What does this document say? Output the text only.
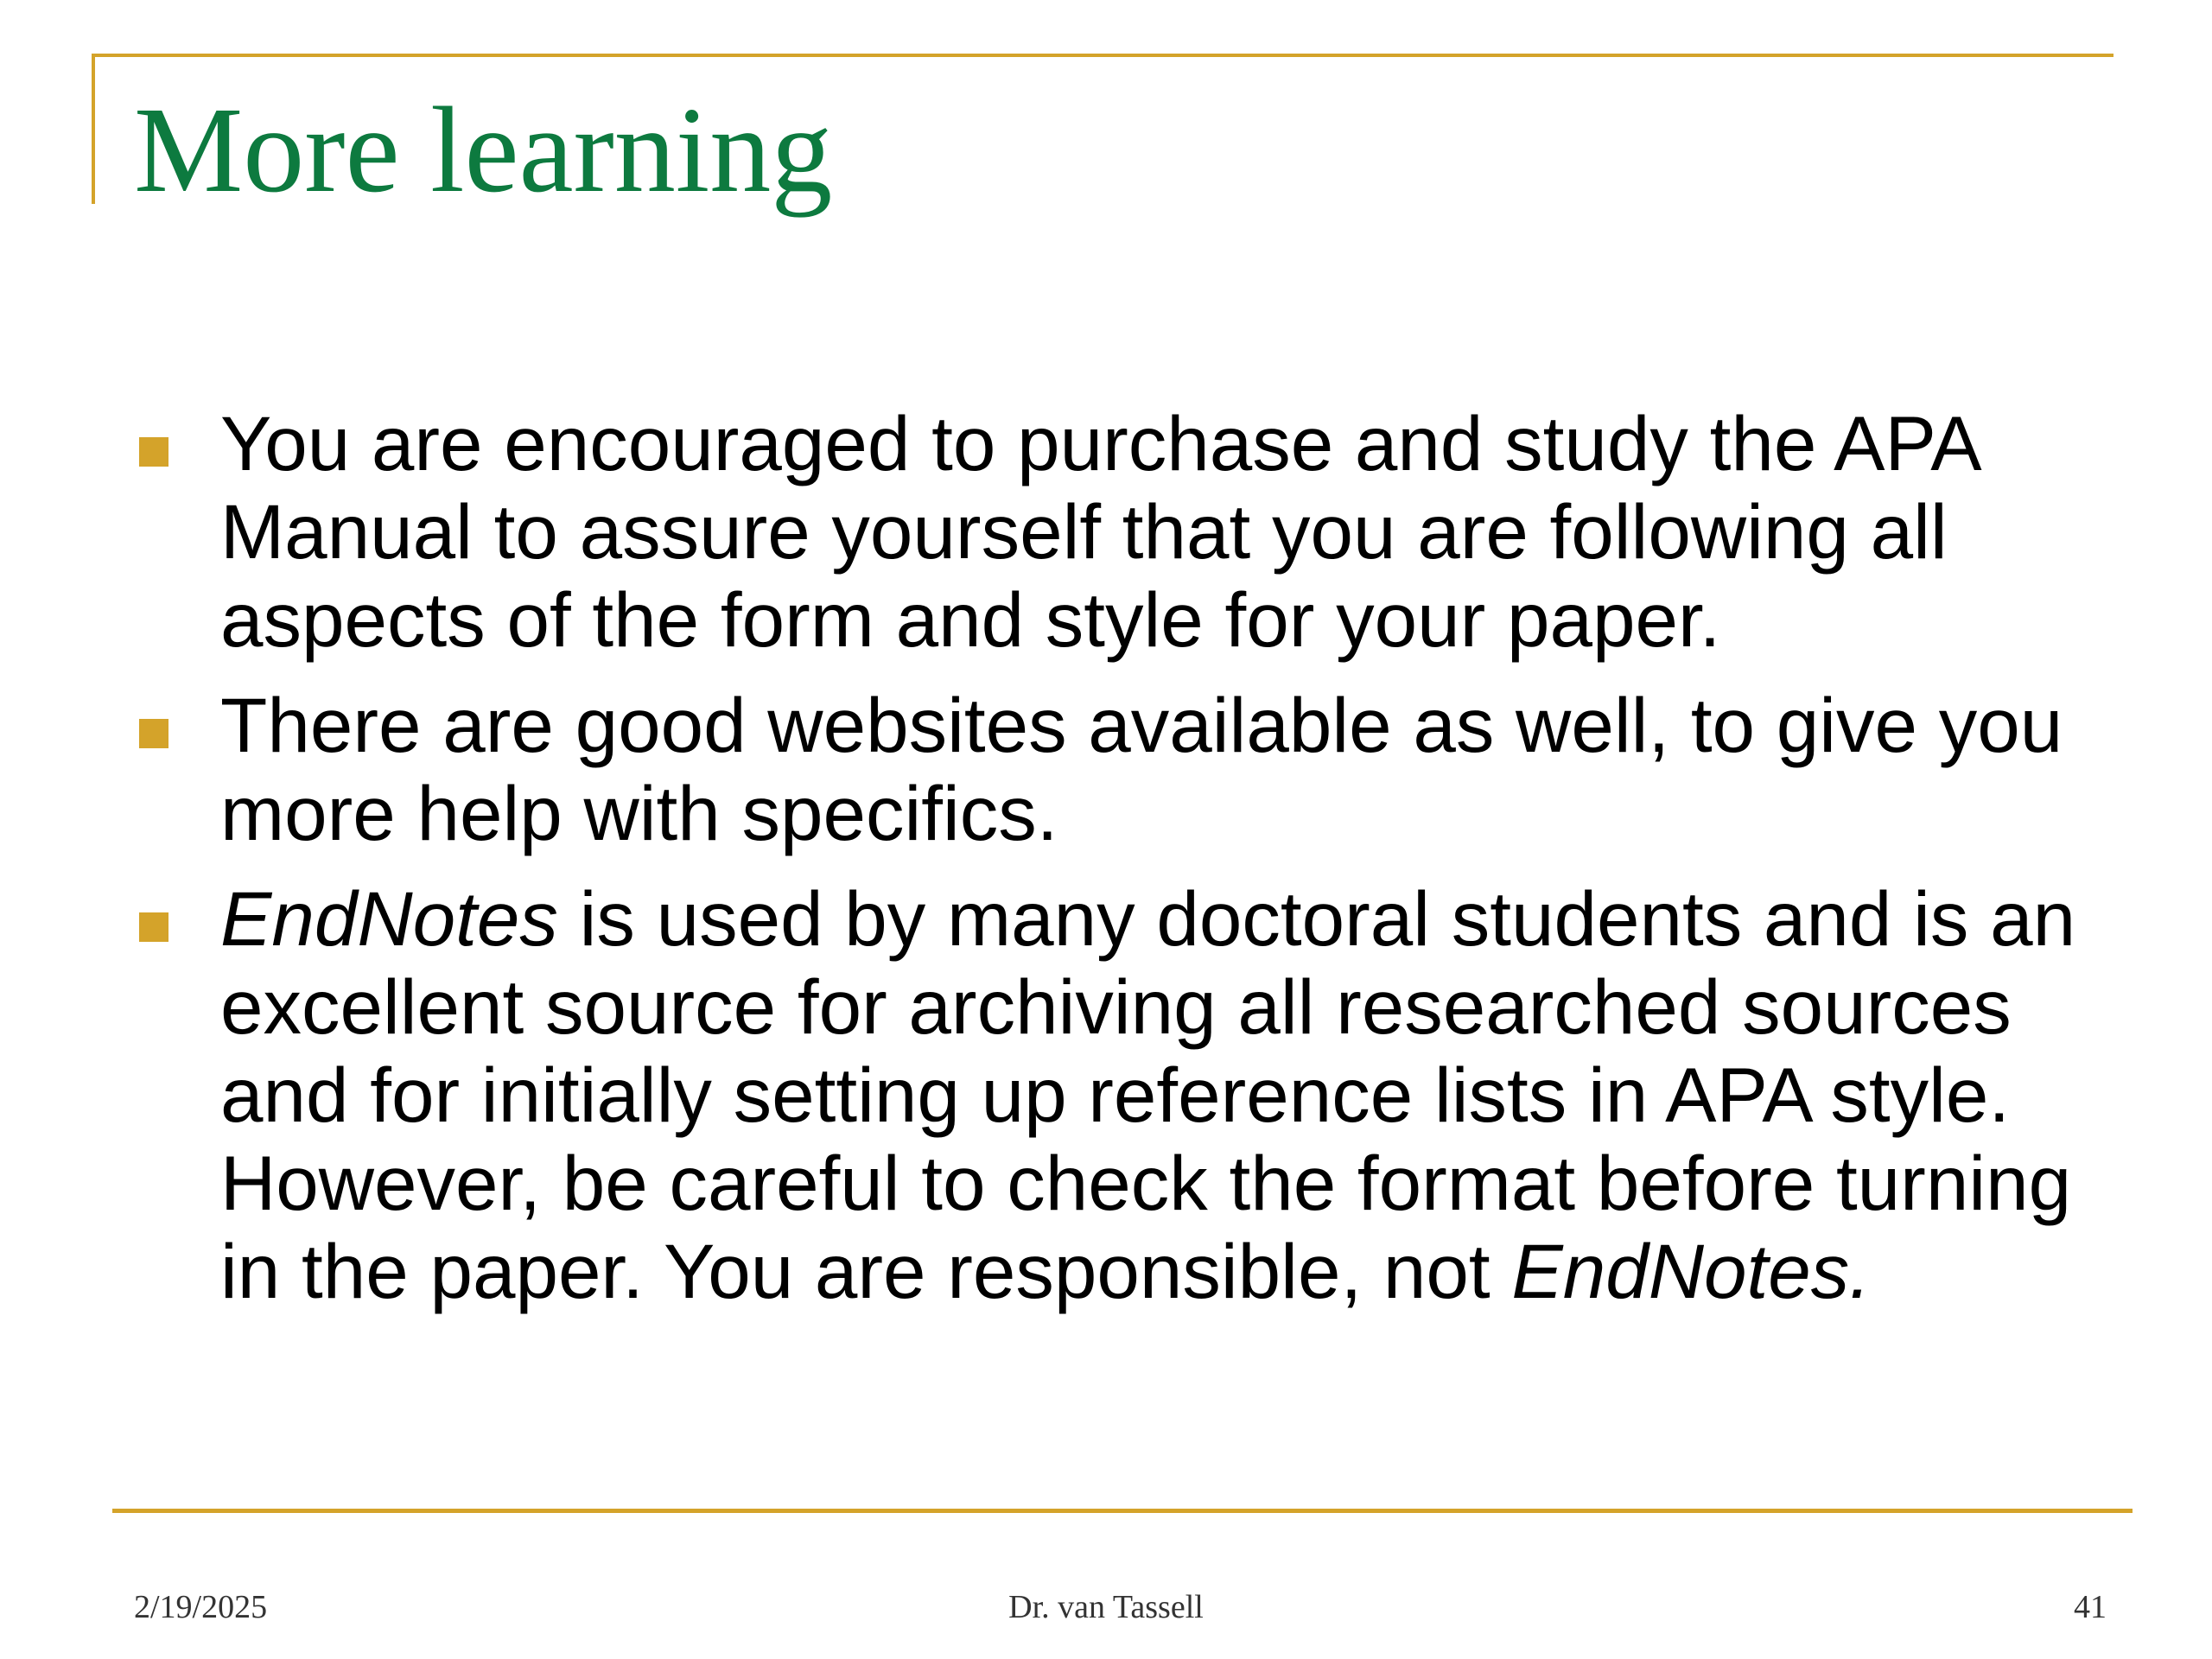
More learning
You are encouraged to purchase and study the APA Manual to assure yourself that you are following all aspects of the form and style for your paper.
There are good websites available as well, to give you more help with specifics.
EndNotes is used by many doctoral students and is an excellent source for archiving all researched sources and for initially setting up reference lists in APA style. However, be careful to check the format before turning in the paper. You are responsible, not EndNotes.
2/19/2025	Dr. van Tassell	41
